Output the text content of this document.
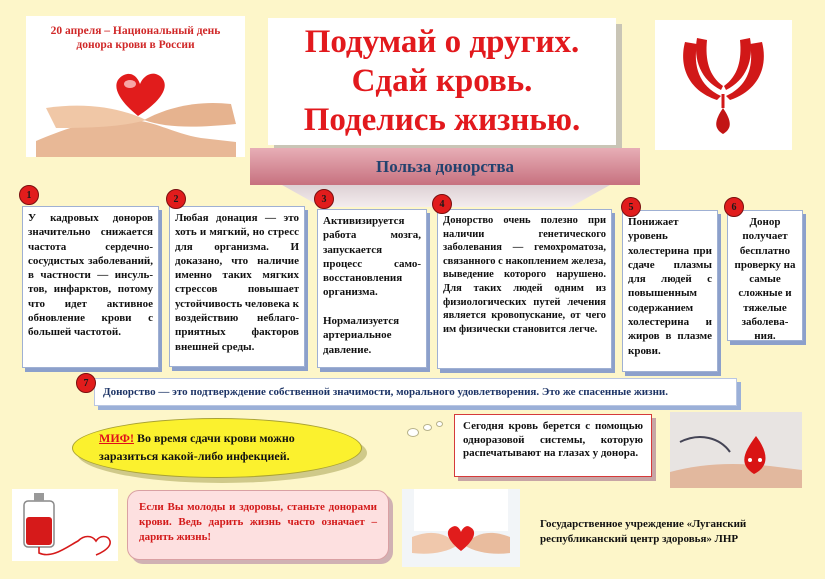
20 апреля – Национальный день
донора крови в России	Подумай о других.
Сдай кровь.
Поделись жизнью.
Польза донорства
1	2	3	4	5	6
У кадровых доноров значительно снижается частота сердечно-сосудистых заболеваний, в частности — инсуль-тов, инфарктов, потому что идет активное обновление крови с большей частотой.
Любая донация — это хоть и мягкий, но стресс для организма. И доказано, что наличие именно таких мягких стрессов повышает устойчивость человека к воздействию неблаго-приятных факторов внешней среды.
Активизируется работа мозга, запускается процесс само-восстановления организма.

Нормализуется артериальное давление.
Донорство очень полезно при наличии генетического заболевания — гемохроматоза, связанного с накоплением железа, выведение которого нарушено. Для таких людей одним из физиологических путей лечения является кровопускание, от чего им физически становится легче.
Понижает уровень холестерина при сдаче плазмы для людей с повышенным содержанием холестерина и жиров в плазме крови.
Донор получает бесплатно проверку на самые сложные и тяжелые заболева-ния.
7
Донорство — это подтверждение собственной значимости, морального удовлетворения. Это же спасенные жизни.
МИФ! Во время сдачи крови можно заразиться какой-либо инфекцией.
Сегодня кровь берется с помощью одноразовой системы, которую распечатывают на глазах у донора.
Если Вы молоды и здоровы, станьте донорами крови. Ведь дарить жизнь часто означает – дарить жизнь!
Государственное учреждение «Луганский
республиканский центр здоровья» ЛНР
